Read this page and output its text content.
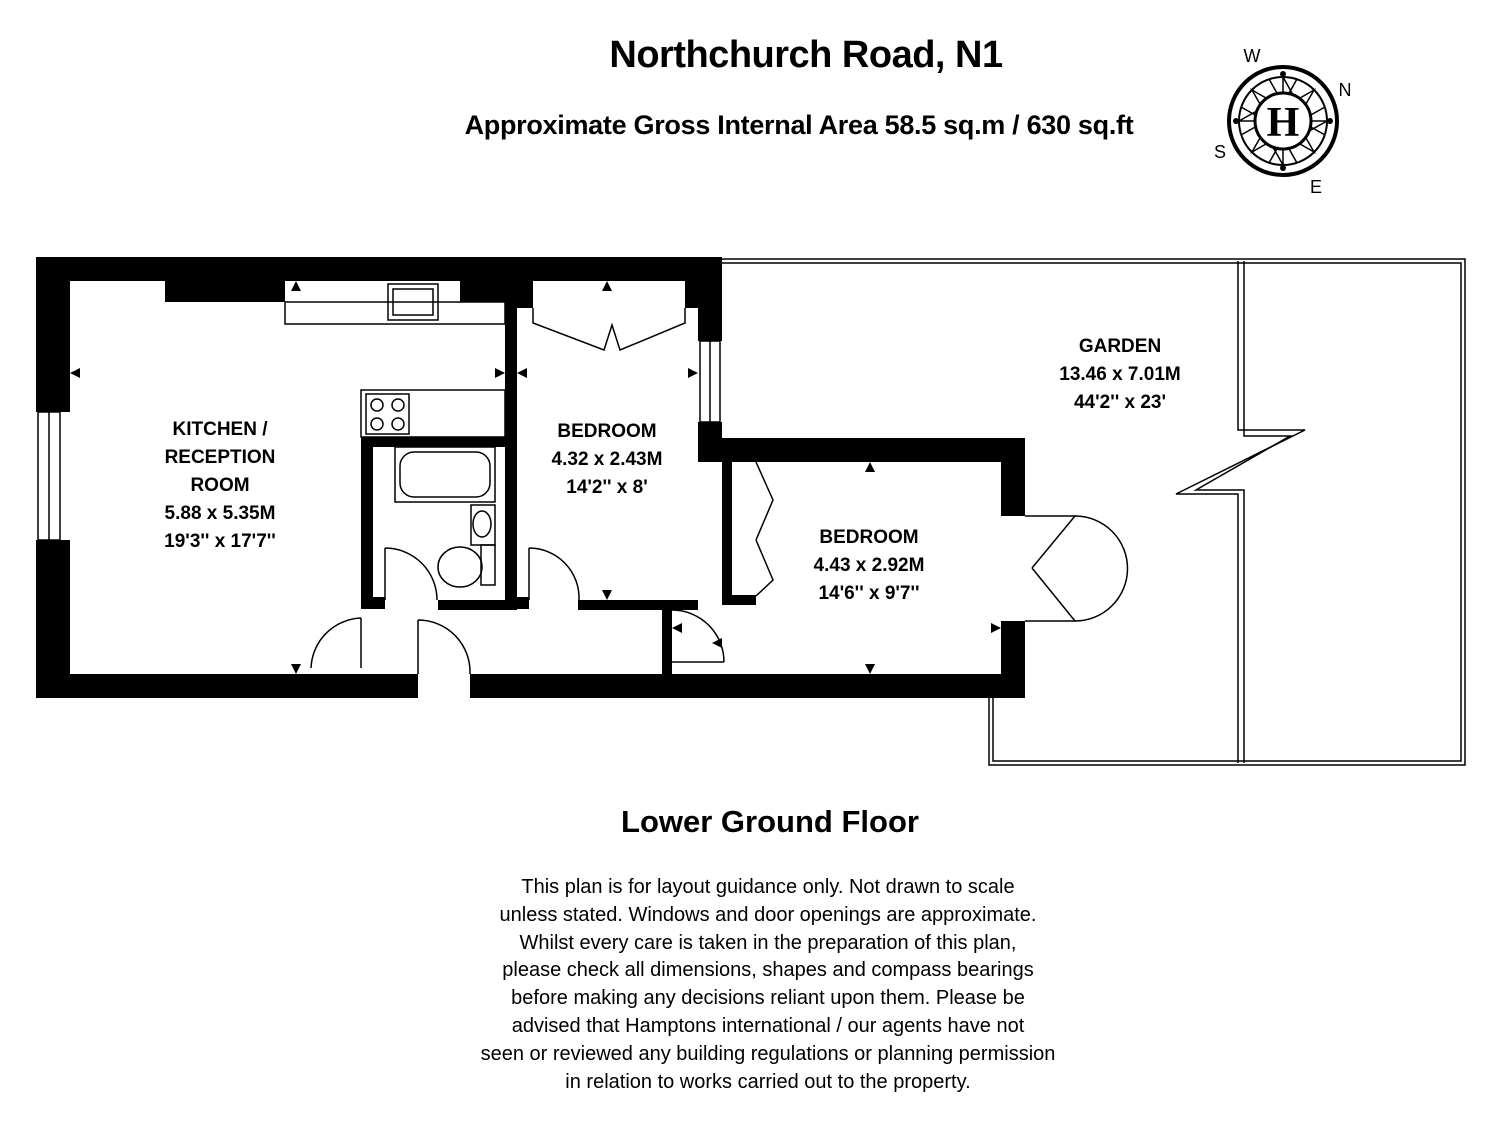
Northchurch Road, N1
Approximate Gross Internal Area 58.5 sq.m / 630 sq.ft	H
W
N
S
E
KITCHEN /
RECEPTION
ROOM
5.88 x 5.35M
19'3'' x 17'7''
BEDROOM
4.32 x 2.43M
14'2'' x 8'
BEDROOM
4.43 x 2.92M
14'6'' x 9'7''
GARDEN
13.46 x 7.01M
44'2'' x 23'
Lower Ground Floor
This plan is for layout guidance only. Not drawn to scale
unless stated. Windows and door openings are approximate.
Whilst every care is taken in the preparation of this plan,
please check all dimensions, shapes and compass bearings
before making any decisions reliant upon them. Please be
advised that Hamptons international / our agents have not
seen or reviewed any building regulations or planning permission
in relation to works carried out to the property.
